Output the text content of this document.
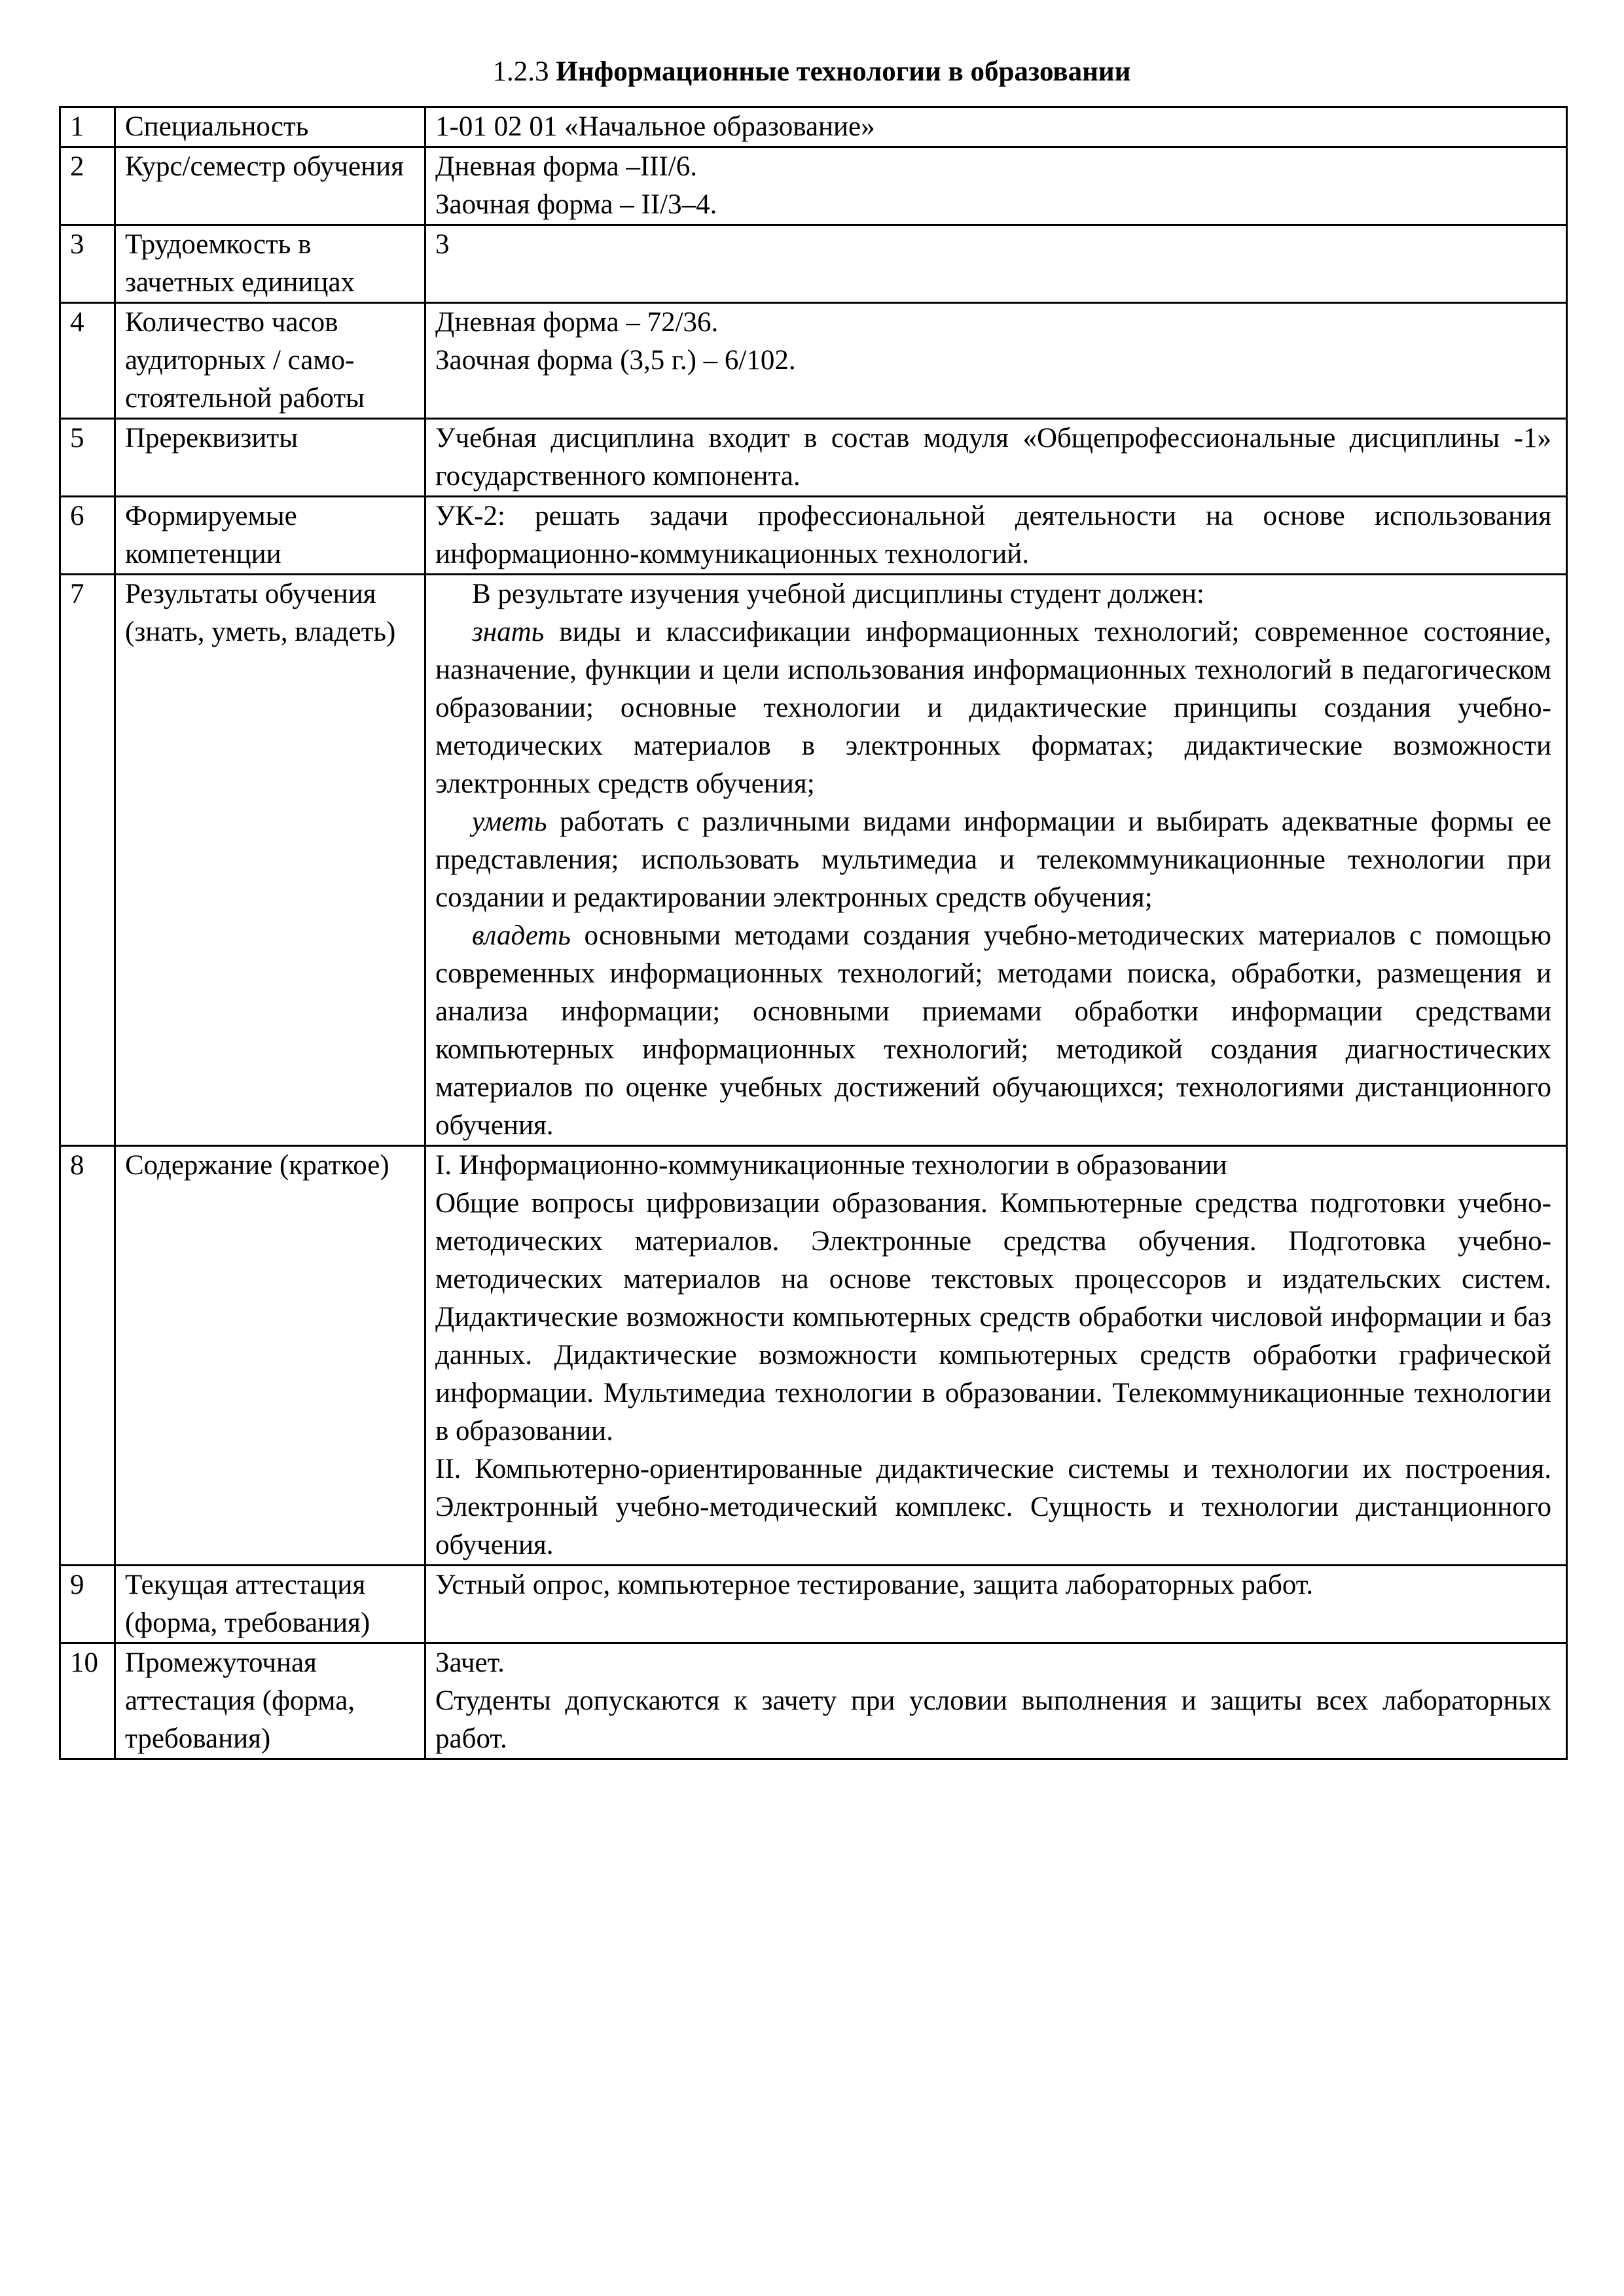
1.2.3 Информационные технологии в образовании
1	Специальность	1-01 02 01 «Начальное образование»

2	Курс/семестр обучения	Дневная форма –III/6.
Заочная форма – II/3–4.

3	Трудоемкость в зачетных единицах	3

4	Количество часов аудиторных / само-стоятельной работы	Дневная форма – 72/36.
Заочная форма (3,5 г.) – 6/102.

5	Пререквизиты	Учебная дисциплина входит в состав модуля «Общепрофессиональные дисциплины -1» государственного компонента.

6	Формируемые компетенции	УК-2: решать задачи профессиональной деятельности на основе использования информационно-коммуникационных технологий.

7	Результаты обучения (знать, уметь, владеть)	В результате изучения учебной дисциплины студент должен:
знать виды и классификации информационных технологий; современное состояние, назначение, функции и цели использования информационных технологий в педагогическом образовании; основные технологии и дидактические принципы создания учебно-методических материалов в электронных форматах; дидактические возможности электронных средств обучения;
уметь работать с различными видами информации и выбирать адекватные формы ее представления; использовать мультимедиа и телекоммуникационные технологии при создании и редактировании электронных средств обучения;
владеть основными методами создания учебно-методических материалов с помощью современных информационных технологий; методами поиска, обработки, размещения и анализа информации; основными приемами обработки информации средствами компьютерных информационных технологий; методикой создания диагностических материалов по оценке учебных достижений обучающихся; технологиями дистанционного обучения.

8	Содержание (краткое)	I. Информационно-коммуникационные технологии в образовании
Общие вопросы цифровизации образования. Компьютерные средства подготовки учебно-методических материалов. Электронные средства обучения. Подготовка учебно-методических материалов на основе текстовых процессоров и издательских систем. Дидактические возможности компьютерных средств обработки числовой информации и баз данных. Дидактические возможности компьютерных средств обработки графической информации. Мультимедиа технологии в образовании. Телекоммуникационные технологии в образовании.
II. Компьютерно-ориентированные дидактические системы и технологии их построения. Электронный учебно-методический комплекс. Сущность и технологии дистанционного обучения.

9	Текущая аттестация (форма, требования)	Устный опрос, компьютерное тестирование, защита лабораторных работ.

10	Промежуточная аттестация (форма, требования)	Зачет.
Студенты допускаются к зачету при условии выполнения и защиты всех лабораторных работ.
